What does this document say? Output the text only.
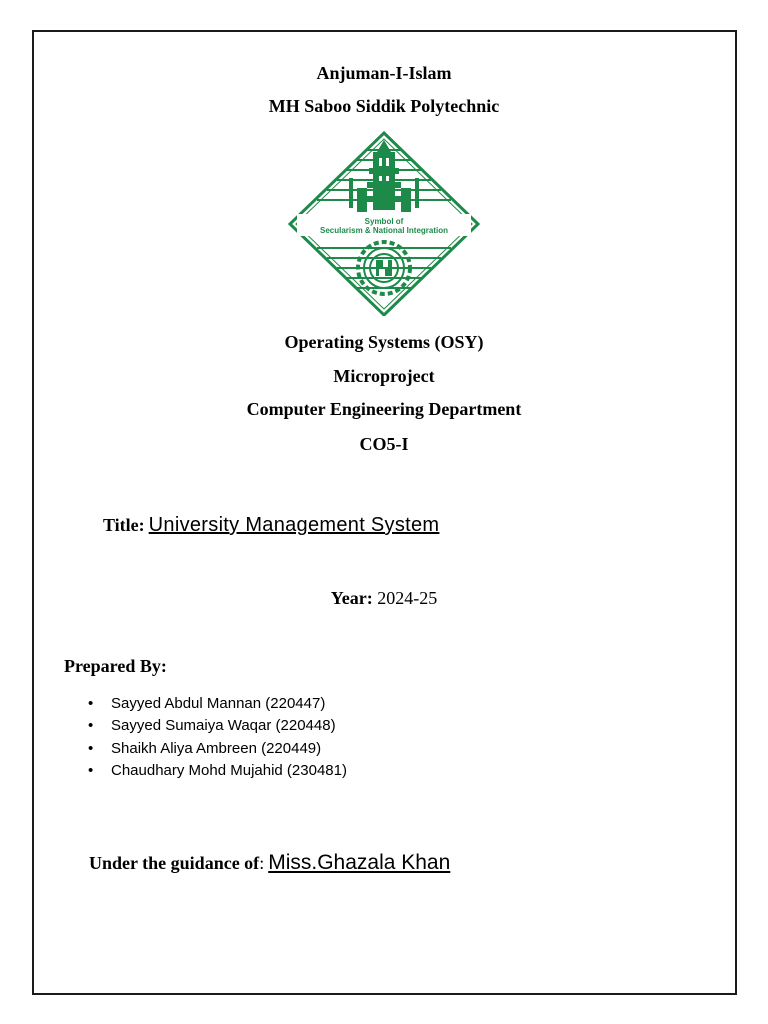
Anjuman-I-Islam
MH Saboo Siddik Polytechnic
Symbol of
Secularism & National Integration
Operating Systems (OSY)
Microproject
Computer Engineering Department
CO5-I
Title: University Management System
Year: 2024-25
Prepared By:
• Sayyed Abdul Mannan (220447)
• Sayyed Sumaiya Waqar (220448)
• Shaikh Aliya Ambreen (220449)
• Chaudhary Mohd Mujahid (230481)
Under the guidance of: Miss.Ghazala Khan
